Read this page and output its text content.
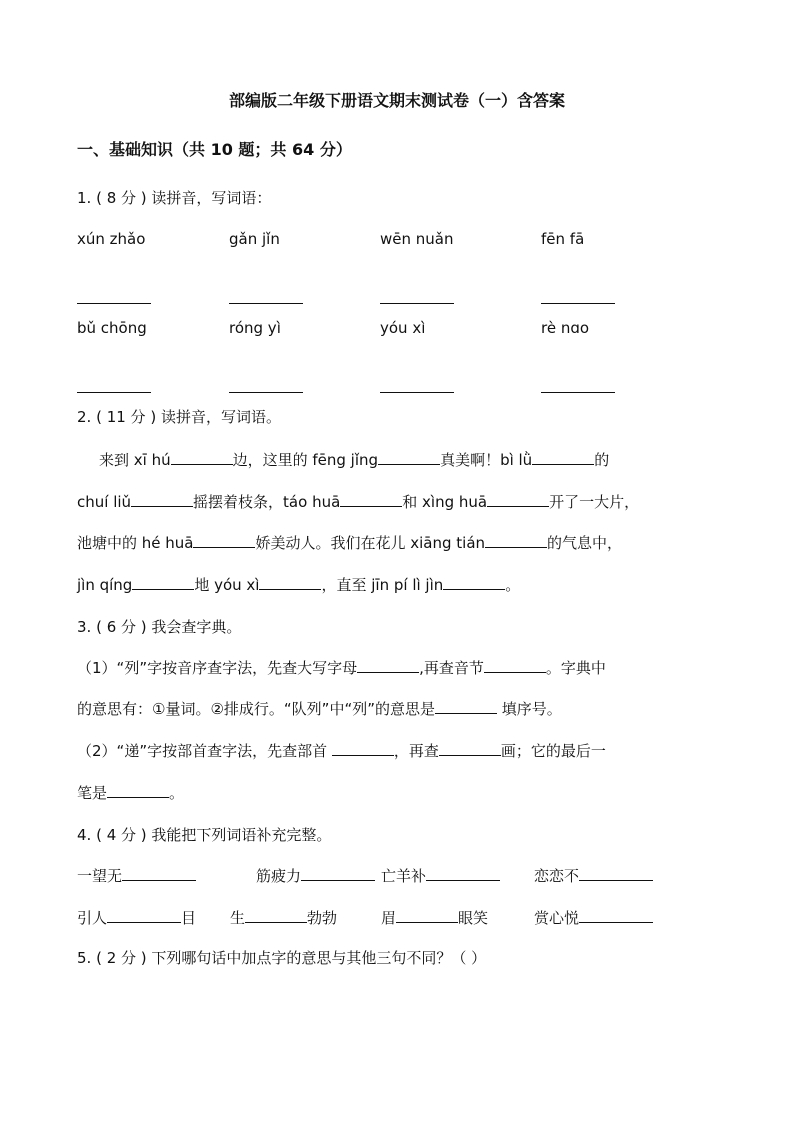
部编版二年级下册语文期末测试卷（一）含答案
一、基础知识（共 10 题；共 64 分）
1. ( 8 分 ) 读拼音，写词语：
xún zhǎo	gǎn jǐn	wēn nuǎn	fēn fā
bǔ chōng	róng yì	yóu xì	rè nɑo
2. ( 11 分 ) 读拼音，写词语。
来到 xī hú	边，这里的 fēng jǐng	真美啊！bì lǜ	的
chuí liǔ	摇摆着枝条，táo huā	和 xìng huā	开了一大片，
池塘中的 hé huā	娇美动人。我们在花儿 xiāng tián	的气息中，
jìn qíng	地 yóu xì	，直至 jīn pí lì jìn	。
3. ( 6 分 ) 我会查字典。
（1）“列”字按音序查字法，先查大写字母	,再查音节	。字典中
的意思有：①量词。②排成行。“队列”中“列”的意思是	填序号。
（2）“递”字按部首查字法，先查部首	，再查	画；它的最后一
笔是	。
4. ( 4 分 ) 我能把下列词语补充完整。
一望无	筋疲力	亡羊补	恋恋不
引人	目 生	勃勃	眉	眼笑	赏心悦
5. ( 2 分 ) 下列哪句话中加点字的意思与其他三句不同？（ ）
